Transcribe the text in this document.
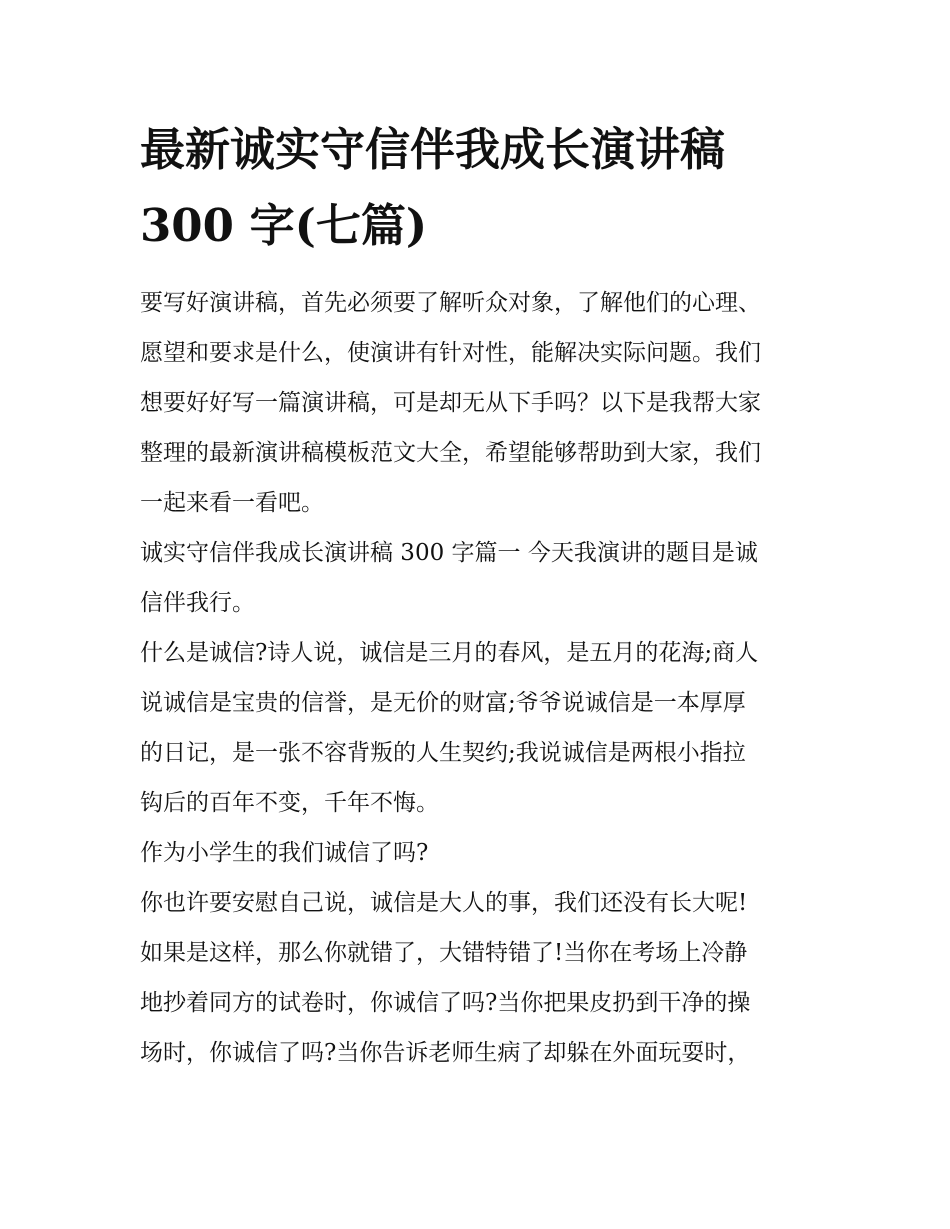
最新诚实守信伴我成长演讲稿
300 字(七篇)

要写好演讲稿，首先必须要了解听众对象，了解他们的心理、
愿望和要求是什么，使演讲有针对性，能解决实际问题。我们
想要好好写一篇演讲稿，可是却无从下手吗？以下是我帮大家
整理的最新演讲稿模板范文大全，希望能够帮助到大家，我们
一起来看一看吧。

诚实守信伴我成长演讲稿 300 字篇一 今天我演讲的题目是诚
信伴我行。

什么是诚信?诗人说，诚信是三月的春风，是五月的花海;商人
说诚信是宝贵的信誉，是无价的财富;爷爷说诚信是一本厚厚
的日记，是一张不容背叛的人生契约;我说诚信是两根小指拉
钩后的百年不变，千年不悔。

作为小学生的我们诚信了吗?

你也许要安慰自己说，诚信是大人的事，我们还没有长大呢!
如果是这样，那么你就错了，大错特错了!当你在考场上冷静
地抄着同方的试卷时，你诚信了吗?当你把果皮扔到干净的操
场时，你诚信了吗?当你告诉老师生病了却躲在外面玩耍时，
